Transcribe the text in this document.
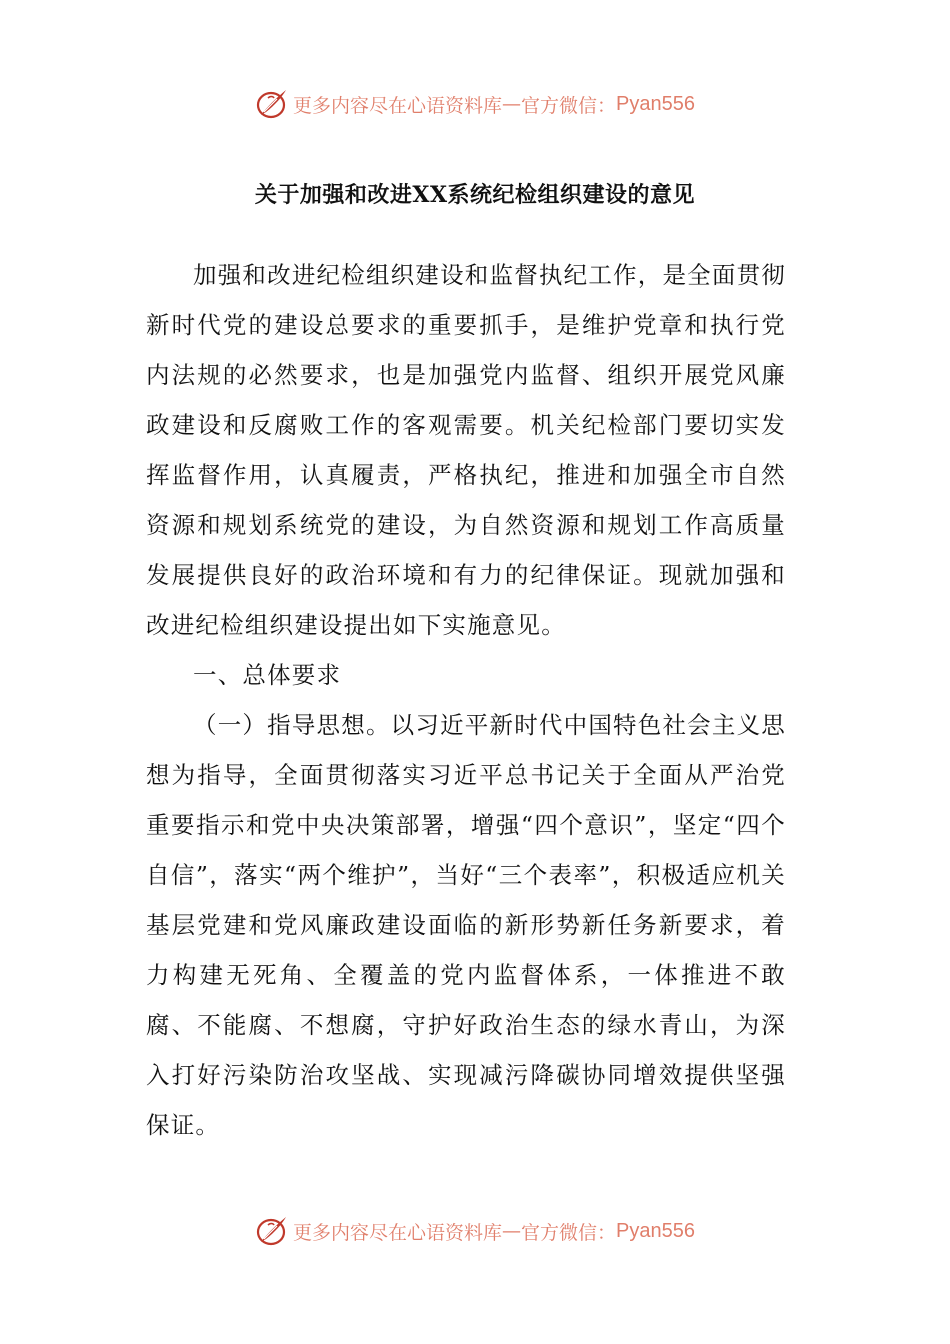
更多内容尽在心语资料库 — 官方微信： Pyan556
关于加强和改进XX系统纪检组织建设的意见

加强和改进纪检组织建设和监督执纪工作，是全面贯彻新时代党的建设总要求的重要抓手，是维护党章和执行党内法规的必然要求，也是加强党内监督、组织开展党风廉政建设和反腐败工作的客观需要。机关纪检部门要切实发挥监督作用，认真履责，严格执纪，推进和加强全市自然资源和规划系统党的建设，为自然资源和规划工作高质量发展提供良好的政治环境和有力的纪律保证。现就加强和改进纪检组织建设提出如下实施意见。

一、总体要求

（一）指导思想。以习近平新时代中国特色社会主义思想为指导，全面贯彻落实习近平总书记关于全面从严治党重要指示和党中央决策部署，增强“四个意识”，坚定“四个自信”，落实“两个维护”，当好“三个表率”，积极适应机关基层党建和党风廉政建设面临的新形势新任务新要求，着力构建无死角、全覆盖的党内监督体系，一体推进不敢腐、不能腐、不想腐，守护好政治生态的绿水青山，为深入打好污染防治攻坚战、实现减污降碳协同增效提供坚强保证。

更多内容尽在心语资料库 — 官方微信： Pyan556
